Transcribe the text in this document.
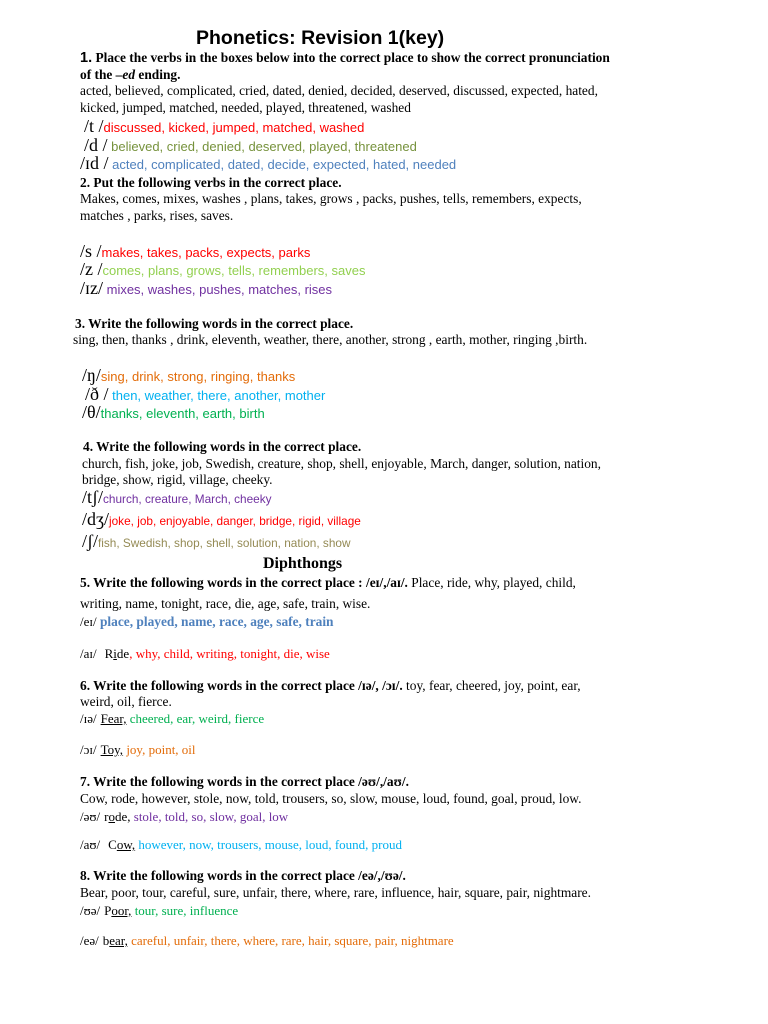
Phonetics: Revision 1(key)
1. Place the verbs in the boxes below into the correct place to show the correct pronunciation
of the –ed ending.
acted, believed, complicated, cried, dated, denied, decided, deserved, discussed, expected, hated,
kicked, jumped, matched, needed, played, threatened, washed
/t /discussed, kicked, jumped, matched, washed
/d / believed, cried, denied, deserved, played, threatened
/ɪd / acted, complicated, dated, decide, expected, hated, needed
2. Put the following verbs in the correct place.
Makes, comes, mixes, washes , plans, takes, grows , packs, pushes, tells, remembers, expects,
matches , parks, rises, saves.
/s /makes, takes, packs, expects, parks
/z /comes, plans, grows, tells, remembers, saves
/ɪz/ mixes, washes, pushes, matches, rises
3. Write the following words in the correct place.
sing, then, thanks , drink, eleventh, weather, there, another, strong , earth, mother, ringing ,birth.
/ŋ/sing, drink, strong, ringing, thanks
/ð / then, weather, there, another, mother
/θ/thanks, eleventh, earth, birth
4. Write the following words in the correct place.
church, fish, joke, job, Swedish, creature, shop, shell, enjoyable, March, danger, solution, nation,
bridge, show, rigid, village, cheeky.
/tʃ/church, creature, March, cheeky
/dʒ/joke, job, enjoyable, danger, bridge, rigid, village
/ʃ/fish, Swedish, shop, shell, solution, nation, show
Diphthongs
5. Write the following words in the correct place : /eɪ/,/aɪ/. Place, ride, why, played, child,
writing, name, tonight, race, die, age, safe, train, wise.
/eɪ/ place, played, name, race, age, safe, train
/aɪ/ Ride, why, child, writing, tonight, die, wise
6. Write the following words in the correct place /ɪə/, /ɔɪ/. toy, fear, cheered, joy, point, ear,
weird, oil, fierce.
/ɪə/ Fear, cheered, ear, weird, fierce
/ɔɪ/ Toy, joy, point, oil
7. Write the following words in the correct place /əʊ/,/aʊ/.
Cow, rode, however, stole, now, told, trousers, so, slow, mouse, loud, found, goal, proud, low.
/əʊ/ rode, stole, told, so, slow, goal, low
/aʊ/ Cow, however, now, trousers, mouse, loud, found, proud
8. Write the following words in the correct place /eə/,/ʊə/.
Bear, poor, tour, careful, sure, unfair, there, where, rare, influence, hair, square, pair, nightmare.
/ʊə/ Poor, tour, sure, influence
/eə/ bear, careful, unfair, there, where, rare, hair, square, pair, nightmare
